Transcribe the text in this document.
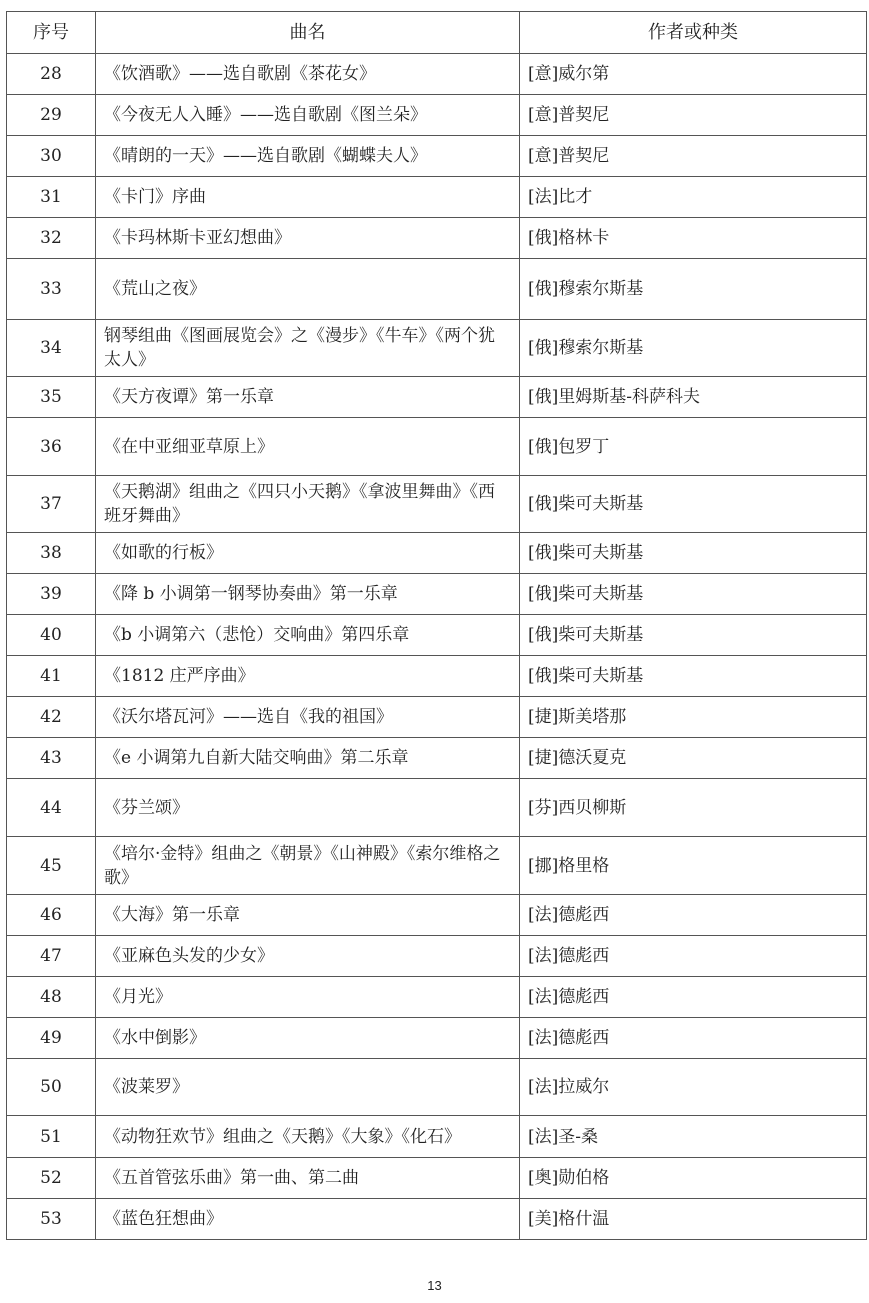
序号	曲名	作者或种类
28	《饮酒歌》——选自歌剧《茶花女》	[意]威尔第
29	《今夜无人入睡》——选自歌剧《图兰朵》	[意]普契尼
30	《晴朗的一天》——选自歌剧《蝴蝶夫人》	[意]普契尼
31	《卡门》序曲	[法]比才
32	《卡玛林斯卡亚幻想曲》	[俄]格林卡
33	《荒山之夜》	[俄]穆索尔斯基
34	钢琴组曲《图画展览会》之《漫步》《牛车》《两个犹太人》	[俄]穆索尔斯基
35	《天方夜谭》第一乐章	[俄]里姆斯基-科萨科夫
36	《在中亚细亚草原上》	[俄]包罗丁
37	《天鹅湖》组曲之《四只小天鹅》《拿波里舞曲》《西班牙舞曲》	[俄]柴可夫斯基
38	《如歌的行板》	[俄]柴可夫斯基
39	《降 b 小调第一钢琴协奏曲》第一乐章	[俄]柴可夫斯基
40	《b 小调第六（悲怆）交响曲》第四乐章	[俄]柴可夫斯基
41	《1812 庄严序曲》	[俄]柴可夫斯基
42	《沃尔塔瓦河》——选自《我的祖国》	[捷]斯美塔那
43	《e 小调第九自新大陆交响曲》第二乐章	[捷]德沃夏克
44	《芬兰颂》	[芬]西贝柳斯
45	《培尔·金特》组曲之《朝景》《山神殿》《索尔维格之歌》	[挪]格里格
46	《大海》第一乐章	[法]德彪西
47	《亚麻色头发的少女》	[法]德彪西
48	《月光》	[法]德彪西
49	《水中倒影》	[法]德彪西
50	《波莱罗》	[法]拉威尔
51	《动物狂欢节》组曲之《天鹅》《大象》《化石》	[法]圣-桑
52	《五首管弦乐曲》第一曲、第二曲	[奥]勋伯格
53	《蓝色狂想曲》	[美]格什温
13
